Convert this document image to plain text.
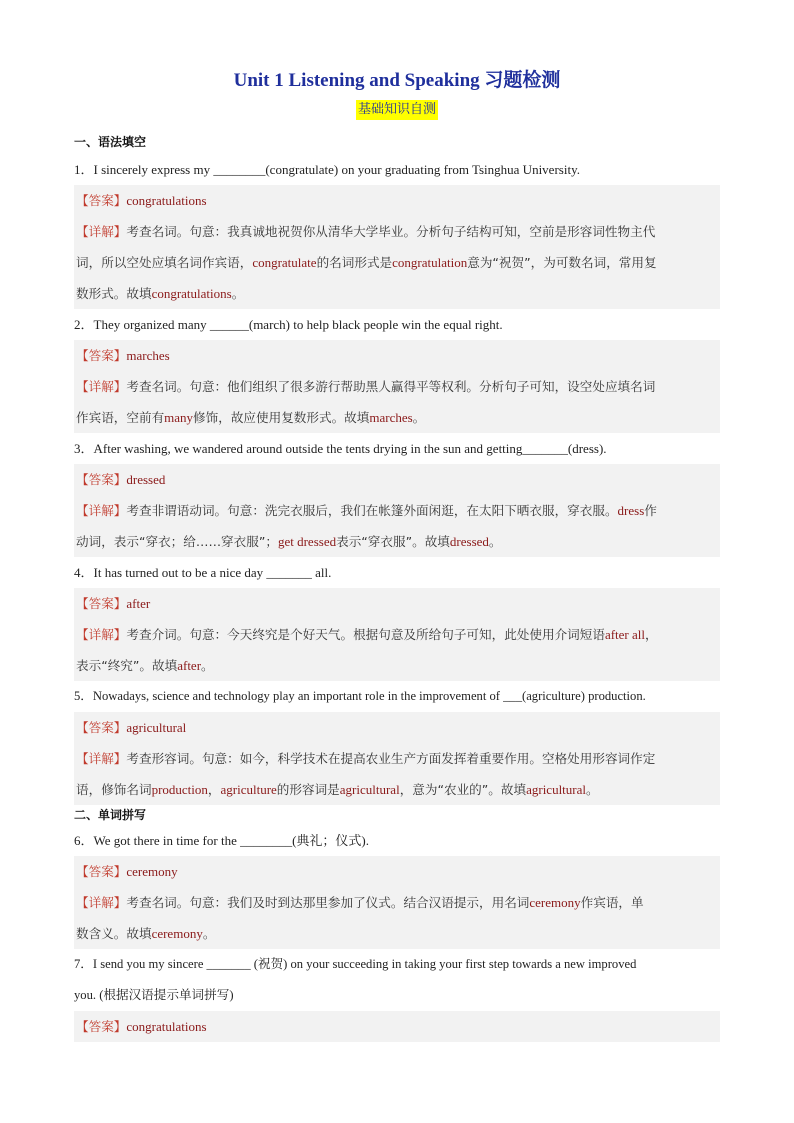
Unit 1 Listening and Speaking 习题检测
基础知识自测
一、语法填空
1．I sincerely express my ________(congratulate) on your graduating from Tsinghua University.
【答案】congratulations
【详解】考查名词。句意：我真诚地祝贺你从清华大学毕业。分析句子结构可知，空前是形容词性物主代
词，所以空处应填名词作宾语，congratulate的名词形式是congratulation意为“祝贺”，为可数名词，常用复
数形式。故填congratulations。
2．They organized many ______(march) to help black people win the equal right.
【答案】marches
【详解】考查名词。句意：他们组织了很多游行帮助黑人赢得平等权利。分析句子可知，设空处应填名词
作宾语，空前有many修饰，故应使用复数形式。故填marches。
3．After washing, we wandered around outside the tents drying in the sun and getting_______(dress).
【答案】dressed
【详解】考查非谓语动词。句意：洗完衣服后，我们在帐篷外面闲逛，在太阳下晒衣服，穿衣服。dress作
动词，表示“穿衣；给……穿衣服”；get dressed表示“穿衣服”。故填dressed。
4．It has turned out to be a nice day _______ all.
【答案】after
【详解】考查介词。句意：今天终究是个好天气。根据句意及所给句子可知，此处使用介词短语after all，
表示“终究”。故填after。
5．Nowadays, science and technology play an important role in the improvement of ___(agriculture) production.
【答案】agricultural
【详解】考查形容词。句意：如今，科学技术在提高农业生产方面发挥着重要作用。空格处用形容词作定
语，修饰名词production，agriculture的形容词是agricultural，意为“农业的”。故填agricultural。
二、单词拼写
6．We got there in time for the ________(典礼；仪式).
【答案】ceremony
【详解】考查名词。句意：我们及时到达那里参加了仪式。结合汉语提示，用名词ceremony作宾语，单
数含义。故填ceremony。
7．I send you my sincere _______ (祝贺) on your succeeding in taking your first step towards a new improved
you. (根据汉语提示单词拼写)
【答案】congratulations
